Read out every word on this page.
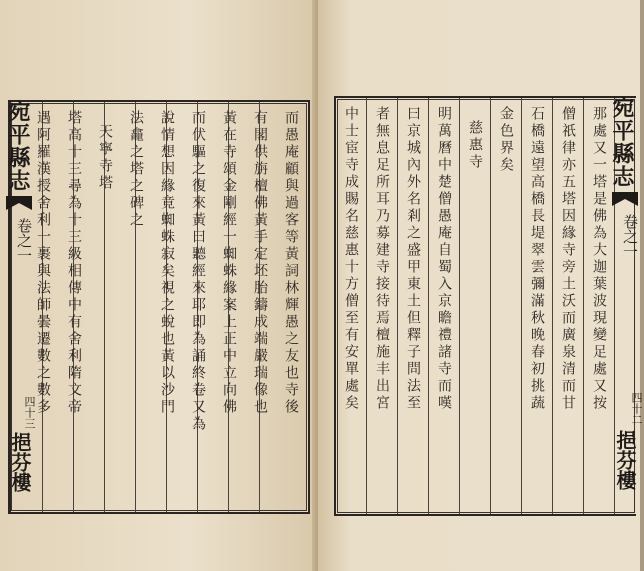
而愚庵顧與過客等黃詞林輝愚之友也寺後
有閣供旃檀佛黃手定坯胎鑄成端嚴瑞像也
黃在寺頌金剛經一蜘蛛緣案上正中立向佛
而伏驅之復來黃曰聽經來耶即為誦終卷又為
說情想因緣竟蜘蛛寂矣視之蛻也黃以沙門
法龕之塔之碑之
天寧寺塔
塔高十三尋為十三級相傳中有舍利隋文帝
遇阿羅漢授舍利一裹與法師曇遷數之數多
宛平縣志
卷之一
四十三
挹芬樓
那處又一塔是佛為大迦葉波現變足處又按
僧祇律亦五塔因緣寺旁土沃而廣泉清而甘
石橋遠望高橋長堤翠雲彌滿秋晚春初挑蔬
金色界矣
慈惠寺
明萬曆中楚僧愚庵自蜀入京瞻禮諸寺而嘆
曰京城內外名剎之盛甲東土但釋子問法至
者無息足所耳乃募建寺接待焉檀施丰出宮
中士宦寺成賜名慈惠十方僧至有安單處矣	宛平縣志
卷之一
四十二
挹芬樓
